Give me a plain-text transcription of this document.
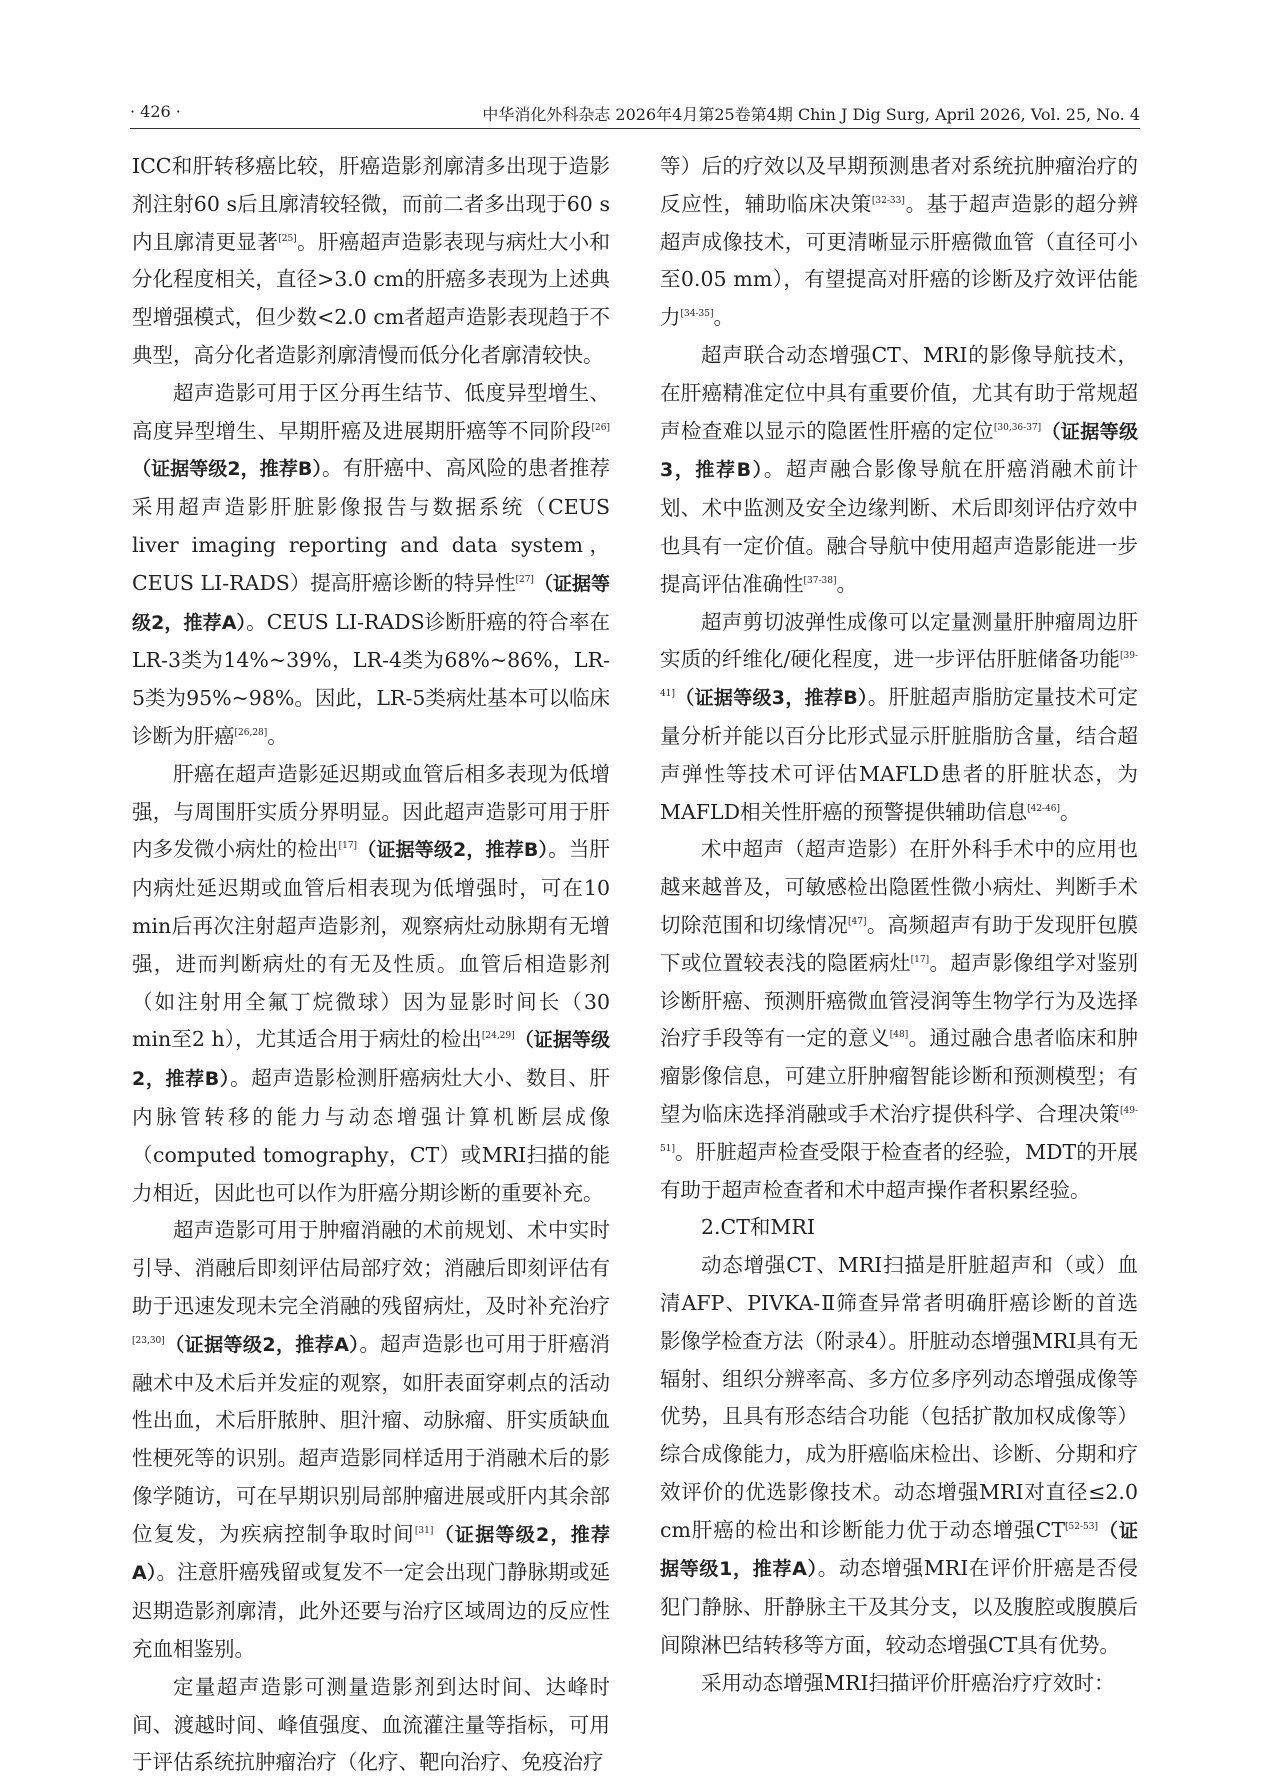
· 426 ·	中华消化外科杂志 2026年4月第25卷第4期 Chin J Dig Surg, April 2026, Vol. 25, No. 4

ICC和肝转移癌比较，肝癌造影剂廓清多出现于造影剂注射60 s后且廓清较轻微，而前二者多出现于60 s内且廓清更显著[25]。肝癌超声造影表现与病灶大小和分化程度相关，直径>3.0 cm的肝癌多表现为上述典型增强模式，但少数<2.0 cm者超声造影表现趋于不典型，高分化者造影剂廓清慢而低分化者廓清较快。

超声造影可用于区分再生结节、低度异型增生、高度异型增生、早期肝癌及进展期肝癌等不同阶段[26]（证据等级2，推荐B）。有肝癌中、高风险的患者推荐采用超声造影肝脏影像报告与数据系统（CEUS liver imaging reporting and data system，CEUS LI-RADS）提高肝癌诊断的特异性[27]（证据等级2，推荐A）。CEUS LI-RADS诊断肝癌的符合率在LR-3类为14%~39%，LR-4类为68%~86%，LR-5类为95%~98%。因此，LR-5类病灶基本可以临床诊断为肝癌[26,28]。

肝癌在超声造影延迟期或血管后相多表现为低增强，与周围肝实质分界明显。因此超声造影可用于肝内多发微小病灶的检出[17]（证据等级2，推荐B）。当肝内病灶延迟期或血管后相表现为低增强时，可在10 min后再次注射超声造影剂，观察病灶动脉期有无增强，进而判断病灶的有无及性质。血管后相造影剂（如注射用全氟丁烷微球）因为显影时间长（30 min至2 h），尤其适合用于病灶的检出[24,29]（证据等级2，推荐B）。超声造影检测肝癌病灶大小、数目、肝内脉管转移的能力与动态增强计算机断层成像（computed tomography，CT）或MRI扫描的能力相近，因此也可以作为肝癌分期诊断的重要补充。

超声造影可用于肿瘤消融的术前规划、术中实时引导、消融后即刻评估局部疗效；消融后即刻评估有助于迅速发现未完全消融的残留病灶，及时补充治疗[23,30]（证据等级2，推荐A）。超声造影也可用于肝癌消融术中及术后并发症的观察，如肝表面穿刺点的活动性出血，术后肝脓肿、胆汁瘤、动脉瘤、肝实质缺血性梗死等的识别。超声造影同样适用于消融术后的影像学随访，可在早期识别局部肿瘤进展或肝内其余部位复发，为疾病控制争取时间[31]（证据等级2，推荐A）。注意肝癌残留或复发不一定会出现门静脉期或延迟期造影剂廓清，此外还要与治疗区域周边的反应性充血相鉴别。

定量超声造影可测量造影剂到达时间、达峰时间、渡越时间、峰值强度、血流灌注量等指标，可用于评估系统抗肿瘤治疗（化疗、靶向治疗、免疫治疗

等）后的疗效以及早期预测患者对系统抗肿瘤治疗的反应性，辅助临床决策[32-33]。基于超声造影的超分辨超声成像技术，可更清晰显示肝癌微血管（直径可小至0.05 mm），有望提高对肝癌的诊断及疗效评估能力[34-35]。

超声联合动态增强CT、MRI的影像导航技术，在肝癌精准定位中具有重要价值，尤其有助于常规超声检查难以显示的隐匿性肝癌的定位[30,36-37]（证据等级3，推荐B）。超声融合影像导航在肝癌消融术前计划、术中监测及安全边缘判断、术后即刻评估疗效中也具有一定价值。融合导航中使用超声造影能进一步提高评估准确性[37-38]。

超声剪切波弹性成像可以定量测量肝肿瘤周边肝实质的纤维化/硬化程度，进一步评估肝脏储备功能[39-41]（证据等级3，推荐B）。肝脏超声脂肪定量技术可定量分析并能以百分比形式显示肝脏脂肪含量，结合超声弹性等技术可评估MAFLD患者的肝脏状态，为MAFLD相关性肝癌的预警提供辅助信息[42-46]。

术中超声（超声造影）在肝外科手术中的应用也越来越普及，可敏感检出隐匿性微小病灶、判断手术切除范围和切缘情况[47]。高频超声有助于发现肝包膜下或位置较表浅的隐匿病灶[17]。超声影像组学对鉴别诊断肝癌、预测肝癌微血管浸润等生物学行为及选择治疗手段等有一定的意义[48]。通过融合患者临床和肿瘤影像信息，可建立肝肿瘤智能诊断和预测模型；有望为临床选择消融或手术治疗提供科学、合理决策[49-51]。肝脏超声检查受限于检查者的经验，MDT的开展有助于超声检查者和术中超声操作者积累经验。

2.CT和MRI

动态增强CT、MRI扫描是肝脏超声和（或）血清AFP、PIVKA-Ⅱ筛查异常者明确肝癌诊断的首选影像学检查方法（附录4）。肝脏动态增强MRI具有无辐射、组织分辨率高、多方位多序列动态增强成像等优势，且具有形态结合功能（包括扩散加权成像等）综合成像能力，成为肝癌临床检出、诊断、分期和疗效评价的优选影像技术。动态增强MRI对直径≤2.0 cm肝癌的检出和诊断能力优于动态增强CT[52-53]（证据等级1，推荐A）。动态增强MRI在评价肝癌是否侵犯门静脉、肝静脉主干及其分支，以及腹腔或腹膜后间隙淋巴结转移等方面，较动态增强CT具有优势。

采用动态增强MRI扫描评价肝癌治疗疗效时：
